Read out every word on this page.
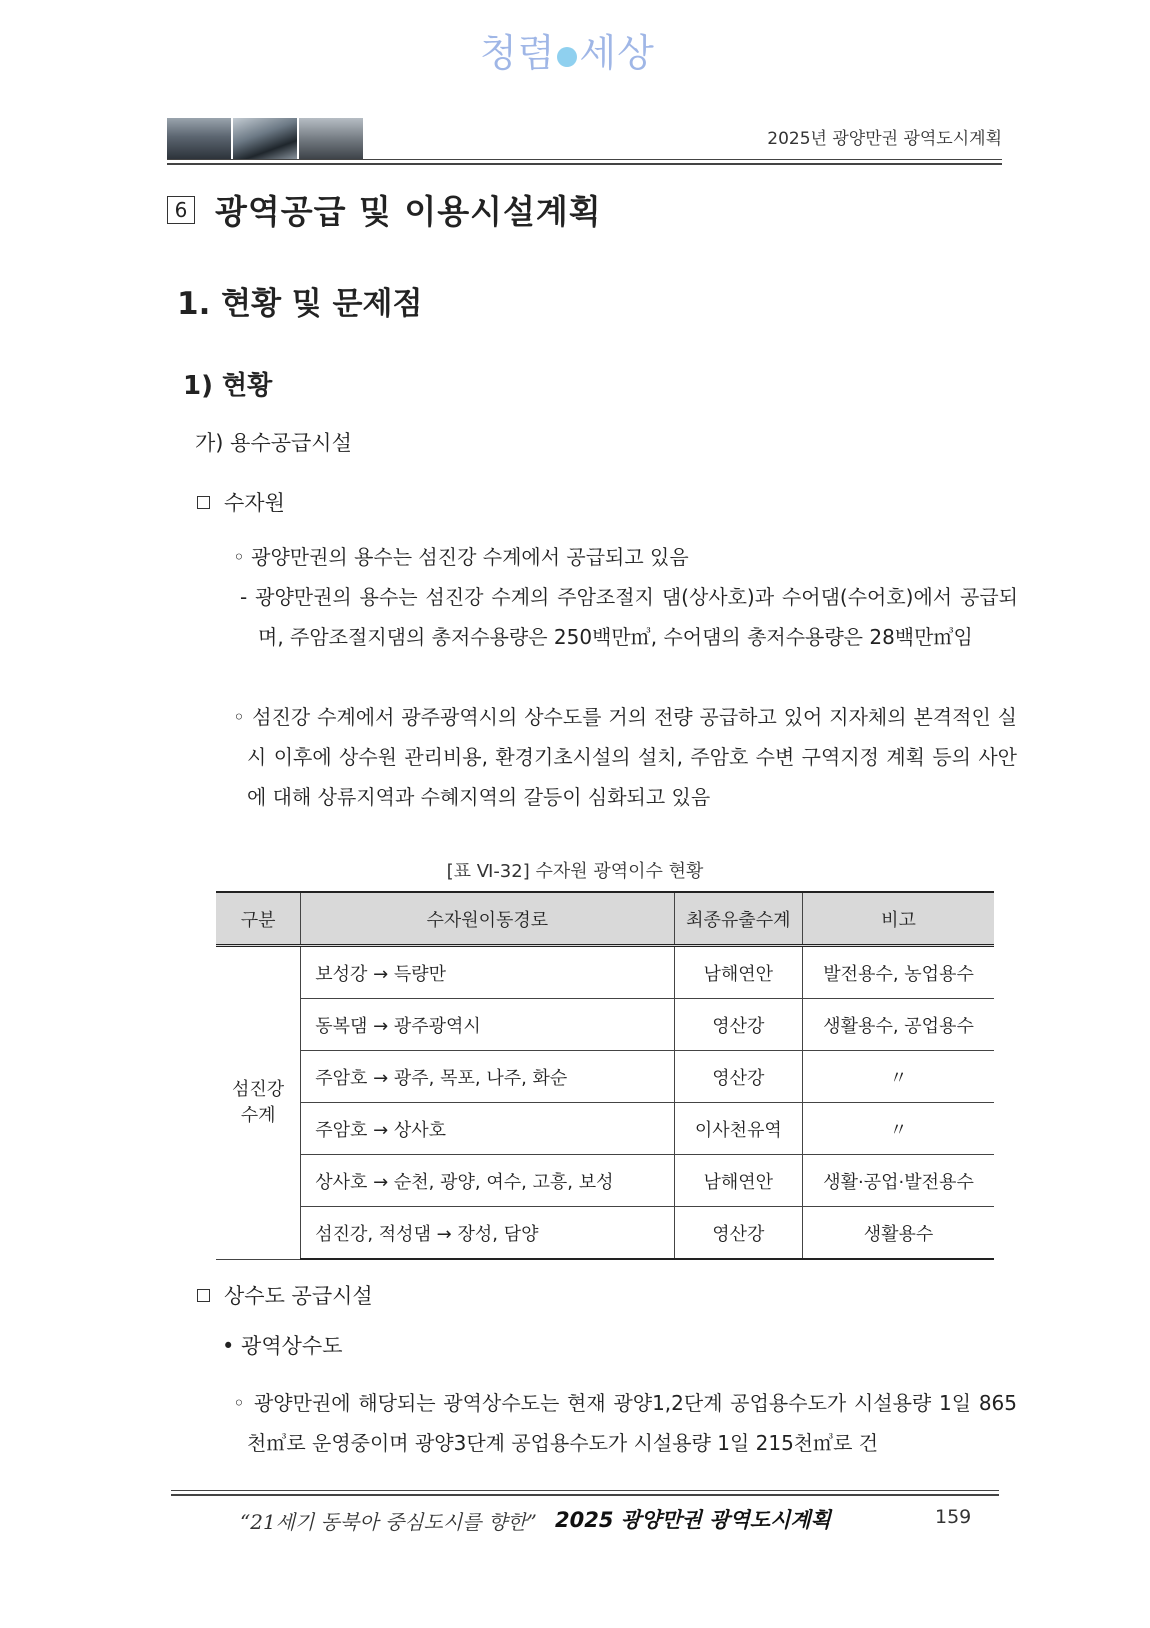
청렴 세상
2025년 광양만권 광역도시계획
6 광역공급 및 이용시설계획
1. 현황 및 문제점
1) 현황
가) 용수공급시설
수자원
◦ 광양만권의 용수는 섬진강 수계에서 공급되고 있음
- 광양만권의 용수는 섬진강 수계의 주암조절지 댐(상사호)과 수어댐(수어호)에서 공급되며, 주암조절지댐의 총저수용량은 250백만㎥, 수어댐의 총저수용량은 28백만㎥임
◦ 섬진강 수계에서 광주광역시의 상수도를 거의 전량 공급하고 있어 지자체의 본격적인 실시 이후에 상수원 관리비용, 환경기초시설의 설치, 주암호 수변 구역지정 계획 등의 사안에 대해 상류지역과 수혜지역의 갈등이 심화되고 있음
[표 Ⅵ-32] 수자원 광역이수 현황
구분	수자원이동경로	최종유출수계	비고
섬진강
수계	보성강 → 득량만	남해연안	발전용수, 농업용수
	동복댐 → 광주광역시	영산강	생활용수, 공업용수
	주암호 → 광주, 목포, 나주, 화순	영산강	〃
	주암호 → 상사호	이사천유역	〃
	상사호 → 순천, 광양, 여수, 고흥, 보성	남해연안	생활·공업·발전용수
	섬진강, 적성댐 → 장성, 담양	영산강	생활용수
상수도 공급시설
• 광역상수도
◦ 광양만권에 해당되는 광역상수도는 현재 광양1,2단계 공업용수도가 시설용량 1일 865천㎥로 운영중이며 광양3단계 공업용수도가 시설용량 1일 215천㎥로 건
“21세기 동북아 중심도시를 향한” 2025 광양만권 광역도시계획	159
